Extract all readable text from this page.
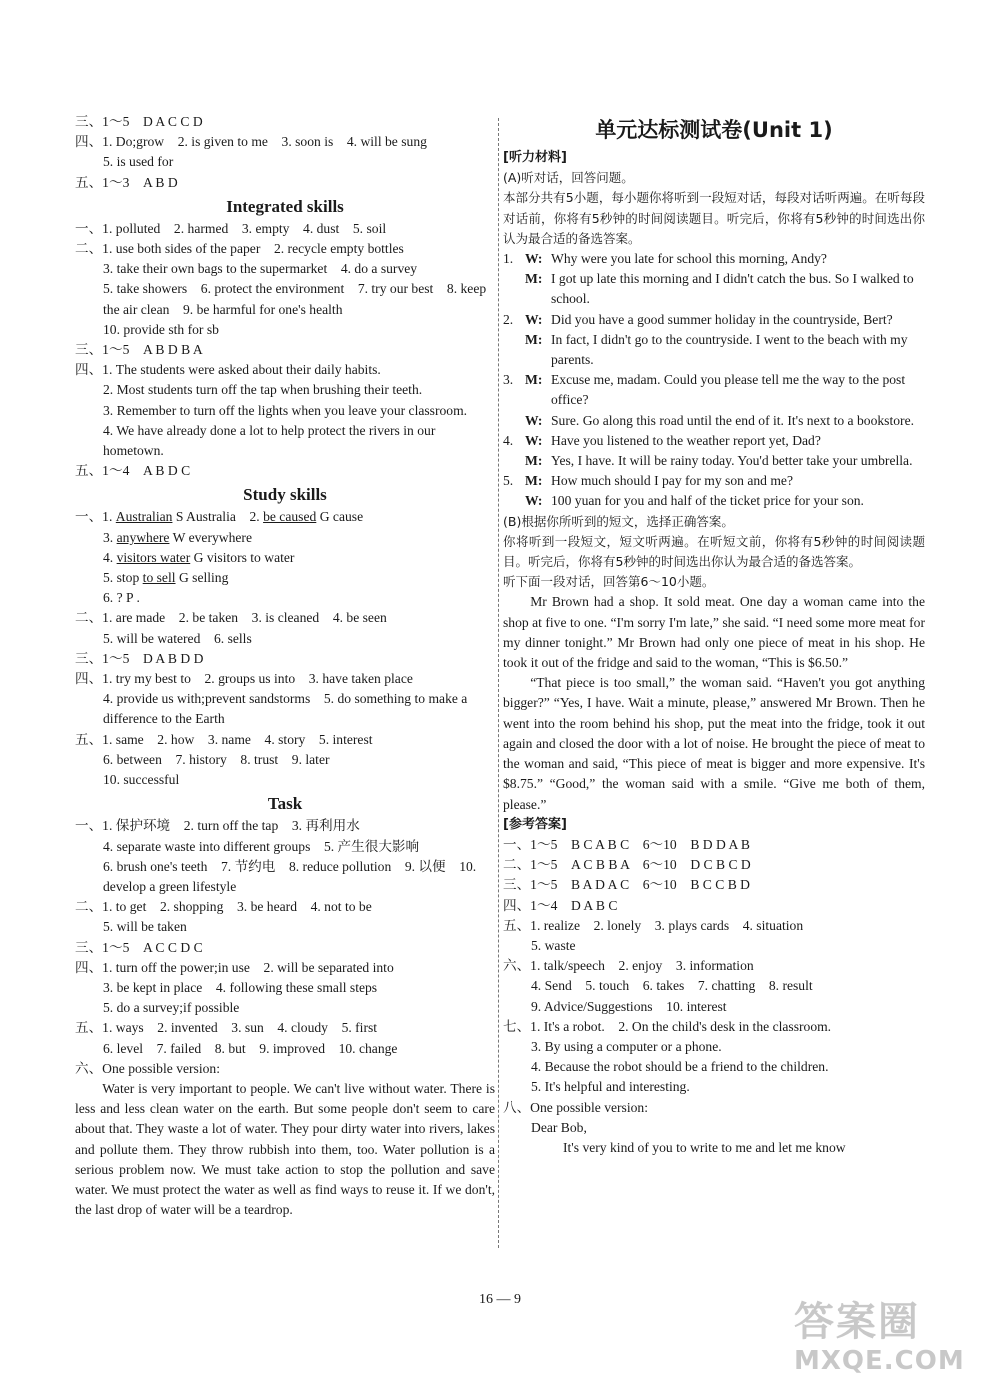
三、1～5　D A C C D
四、1. Do;grow　2. is given to me　3. soon is　4. will be sung
5. is used for
五、1～3　A B D
Integrated skills
一、1. polluted　2. harmed　3. empty　4. dust　5. soil
二、1. use both sides of the paper　2. recycle empty bottles
3. take their own bags to the supermarket　4. do a survey
5. take showers　6. protect the environment　7. try our best　8. keep the air clean　9. be harmful for one's health
10. provide sth for sb
三、1～5　A B D B A
四、1. The students were asked about their daily habits.
2. Most students turn off the tap when brushing their teeth.
3. Remember to turn off the lights when you leave your classroom.
4. We have already done a lot to help protect the rivers in our hometown.
五、1～4　A B D C
Study skills
一、1. Australian S Australia　2. be caused G cause
3. anywhere W everywhere
4. visitors water G visitors to water
5. stop to sell G selling
6. ? P .
二、1. are made　2. be taken　3. is cleaned　4. be seen
5. will be watered　6. sells
三、1～5　D A B D D
四、1. try my best to　2. groups us into　3. have taken place
4. provide us with;prevent sandstorms　5. do something to make a difference to the Earth
五、1. same　2. how　3. name　4. story　5. interest
6. between　7. history　8. trust　9. later
10. successful
Task
一、1. 保护环境　2. turn off the tap　3. 再利用水
4. separate waste into different groups　5. 产生很大影响
6. brush one's teeth　7. 节约电　8. reduce pollution　9. 以便　10. develop a green lifestyle
二、1. to get　2. shopping　3. be heard　4. not to be
5. will be taken
三、1～5　A C C D C
四、1. turn off the power;in use　2. will be separated into
3. be kept in place　4. following these small steps
5. do a survey;if possible
五、1. ways　2. invented　3. sun　4. cloudy　5. first
6. level　7. failed　8. but　9. improved　10. change
六、One possible version:
Water is very important to people. We can't live without water. There is less and less clean water on the earth. But some people don't seem to care about that. They waste a lot of water. They pour dirty water into rivers, lakes and pollute them. They throw rubbish into them, too. Water pollution is a serious problem now. We must take action to stop the pollution and save water. We must protect the water as well as find ways to reuse it. If we don't, the last drop of water will be a teardrop.
单元达标测试卷(Unit 1)
[听力材料]
(A)听对话，回答问题。
本部分共有5小题，每小题你将听到一段短对话，每段对话听两遍。在听每段对话前，你将有5秒钟的时间阅读题目。听完后，你将有5秒钟的时间选出你认为最合适的备选答案。
1. W: Why were you late for school this morning, Andy?
M: I got up late this morning and I didn't catch the bus. So I walked to school.
2. W: Did you have a good summer holiday in the countryside, Bert?
M: In fact, I didn't go to the countryside. I went to the beach with my parents.
3. M: Excuse me, madam. Could you please tell me the way to the post office?
W: Sure. Go along this road until the end of it. It's next to a bookstore.
4. W: Have you listened to the weather report yet, Dad?
M: Yes, I have. It will be rainy today. You'd better take your umbrella.
5. M: How much should I pay for my son and me?
W: 100 yuan for you and half of the ticket price for your son.
(B)根据你所听到的短文，选择正确答案。
你将听到一段短文，短文听两遍。在听短文前，你将有5秒钟的时间阅读题目。听完后，你将有5秒钟的时间选出你认为最合适的备选答案。
听下面一段对话，回答第6～10小题。
Mr Brown had a shop. It sold meat. One day a woman came into the shop at five to one. “I'm sorry I'm late,” she said. “I need some more meat for my dinner tonight.” Mr Brown had only one piece of meat in his shop. He took it out of the fridge and said to the woman, “This is $6.50.”
“That piece is too small,” the woman said. “Haven't you got anything bigger?” “Yes, I have. Wait a minute, please,” answered Mr Brown. Then he went into the room behind his shop, put the meat into the fridge, took it out again and closed the door with a lot of noise. He brought the piece of meat to the woman and said, “This piece of meat is bigger and more expensive. It's $8.75.” “Good,” the woman said with a smile. “Give me both of them, please.”
[参考答案]
一、1～5　B C A B C　6～10　B D D A B
二、1～5　A C B B A　6～10　D C B C D
三、1～5　B A D A C　6～10　B C C B D
四、1～4　D A B C
五、1. realize　2. lonely　3. plays cards　4. situation
5. waste
六、1. talk/speech　2. enjoy　3. information
4. Send　5. touch　6. takes　7. chatting　8. result
9. Advice/Suggestions　10. interest
七、1. It's a robot.　2. On the child's desk in the classroom.
3. By using a computer or a phone.
4. Because the robot should be a friend to the children.
5. It's helpful and interesting.
八、One possible version:
Dear Bob,
It's very kind of you to write to me and let me know
16 — 9	答案圈
MXQE.COM
